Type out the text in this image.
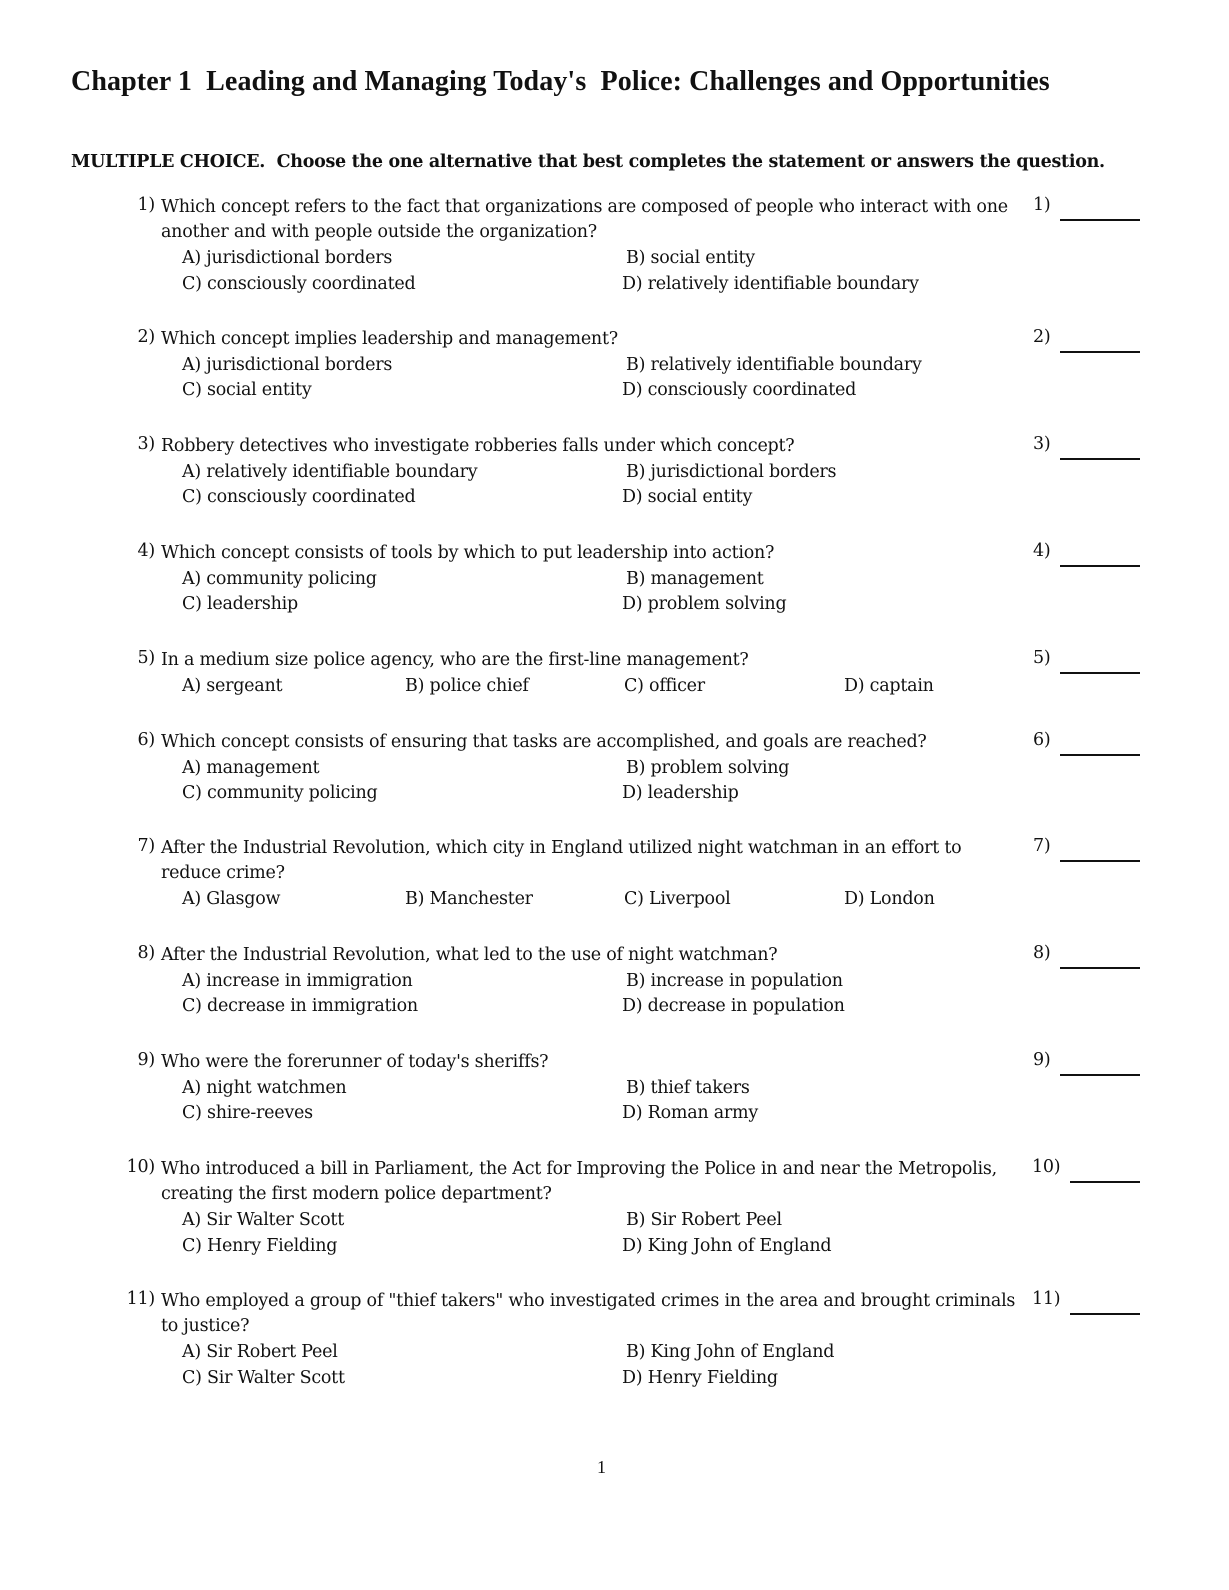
Chapter 1  Leading and Managing Today's  Police: Challenges and Opportunities
MULTIPLE CHOICE.  Choose the one alternative that best completes the statement or answers the question.
1) Which concept refers to the fact that organizations are composed of people who interact with one another and with people outside the organization?
A) jurisdictional borders	B) social entity
C) consciously coordinated	D) relatively identifiable boundary
1)
2) Which concept implies leadership and management?
A) jurisdictional borders	B) relatively identifiable boundary
C) social entity	D) consciously coordinated
2)
3) Robbery detectives who investigate robberies falls under which concept?
A) relatively identifiable boundary	B) jurisdictional borders
C) consciously coordinated	D) social entity
3)
4) Which concept consists of tools by which to put leadership into action?
A) community policing	B) management
C) leadership	D) problem solving
4)
5) In a medium size police agency, who are the first-line management?
A) sergeant	B) police chief	C) officer	D) captain
5)
6) Which concept consists of ensuring that tasks are accomplished, and goals are reached?
A) management	B) problem solving
C) community policing	D) leadership
6)
7) After the Industrial Revolution, which city in England utilized night watchman in an effort to reduce crime?
A) Glasgow	B) Manchester	C) Liverpool	D) London
7)
8) After the Industrial Revolution, what led to the use of night watchman?
A) increase in immigration	B) increase in population
C) decrease in immigration	D) decrease in population
8)
9) Who were the forerunner of today's sheriffs?
A) night watchmen	B) thief takers
C) shire-reeves	D) Roman army
9)
10) Who introduced a bill in Parliament, the Act for Improving the Police in and near the Metropolis, creating the first modern police department?
A) Sir Walter Scott	B) Sir Robert Peel
C) Henry Fielding	D) King John of England
10)
11) Who employed a group of "thief takers" who investigated crimes in the area and brought criminals to justice?
A) Sir Robert Peel	B) King John of England
C) Sir Walter Scott	D) Henry Fielding
11)
1
